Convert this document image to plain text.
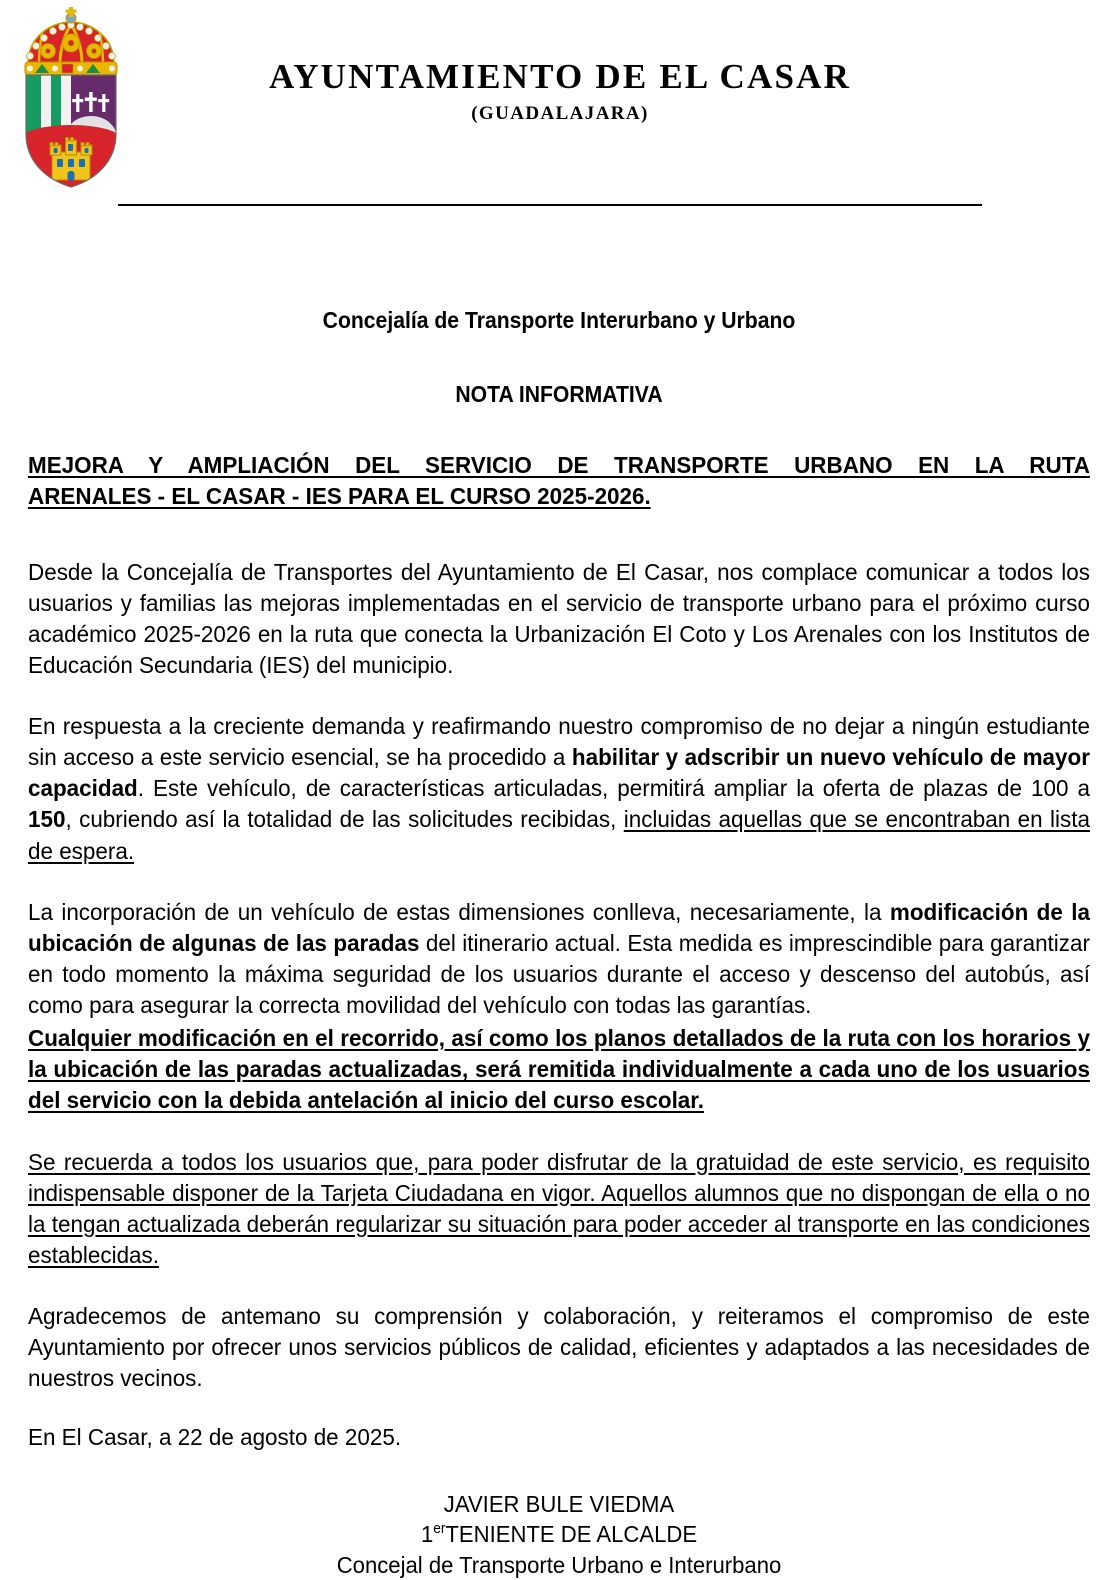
AYUNTAMIENTO DE EL CASAR
(GUADALAJARA)
Concejalía de Transporte Interurbano y Urbano
NOTA INFORMATIVA
MEJORA Y AMPLIACIÓN DEL SERVICIO DE TRANSPORTE URBANO EN LA RUTA
ARENALES - EL CASAR - IES PARA EL CURSO 2025-2026.

Desde la Concejalía de Transportes del Ayuntamiento de El Casar, nos complace comunicar a todos los usuarios y familias las mejoras implementadas en el servicio de transporte urbano para el próximo curso académico 2025-2026 en la ruta que conecta la Urbanización El Coto y Los Arenales con los Institutos de Educación Secundaria (IES) del municipio.

En respuesta a la creciente demanda y reafirmando nuestro compromiso de no dejar a ningún estudiante sin acceso a este servicio esencial, se ha procedido a habilitar y adscribir un nuevo vehículo de mayor capacidad. Este vehículo, de características articuladas, permitirá ampliar la oferta de plazas de 100 a 150, cubriendo así la totalidad de las solicitudes recibidas, incluidas aquellas que se encontraban en lista de espera.

La incorporación de un vehículo de estas dimensiones conlleva, necesariamente, la modificación de la ubicación de algunas de las paradas del itinerario actual. Esta medida es imprescindible para garantizar en todo momento la máxima seguridad de los usuarios durante el acceso y descenso del autobús, así como para asegurar la correcta movilidad del vehículo con todas las garantías.

Cualquier modificación en el recorrido, así como los planos detallados de la ruta con los horarios y la ubicación de las paradas actualizadas, será remitida individualmente a cada uno de los usuarios del servicio con la debida antelación al inicio del curso escolar.

Se recuerda a todos los usuarios que, para poder disfrutar de la gratuidad de este servicio, es requisito indispensable disponer de la Tarjeta Ciudadana en vigor. Aquellos alumnos que no dispongan de ella o no la tengan actualizada deberán regularizar su situación para poder acceder al transporte en las condiciones establecidas.

Agradecemos de antemano su comprensión y colaboración, y reiteramos el compromiso de este Ayuntamiento por ofrecer unos servicios públicos de calidad, eficientes y adaptados a las necesidades de nuestros vecinos.

En El Casar, a 22 de agosto de 2025.

JAVIER BULE VIEDMA
1erTENIENTE DE ALCALDE
Concejal de Transporte Urbano e Interurbano
